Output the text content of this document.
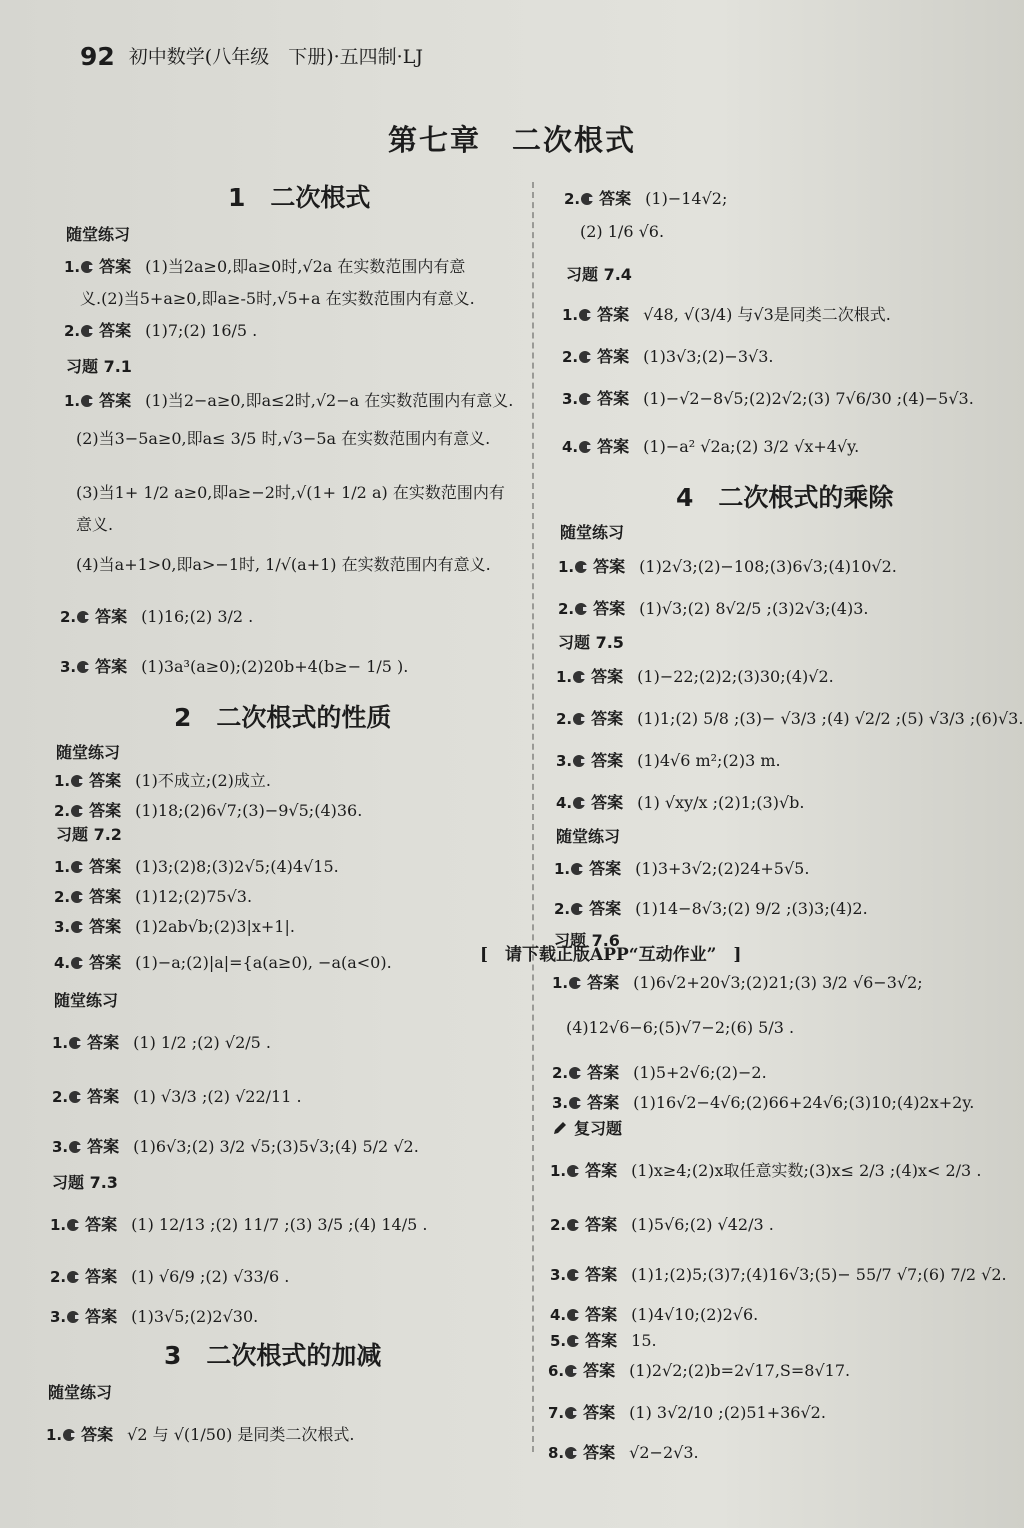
92 初中数学(八年级　下册)·五四制·LJ
第七章　二次根式
1　二次根式
随堂练习
1. 答案 (1)当2a≥0,即a≥0时,√2a 在实数范围内有意
义.(2)当5+a≥0,即a≥-5时,√5+a 在实数范围内有意义.
2. 答案 (1)7;(2) 16/5 .
习题 7.1
1. 答案 (1)当2−a≥0,即a≤2时,√2−a 在实数范围内有意义.
(2)当3−5a≥0,即a≤ 3/5 时,√3−5a 在实数范围内有意义.
(3)当1+ 1/2 a≥0,即a≥−2时,√(1+ 1/2 a) 在实数范围内有
意义.
(4)当a+1>0,即a>−1时, 1/√(a+1) 在实数范围内有意义.
2. 答案 (1)16;(2) 3/2 .
3. 答案 (1)3a³(a≥0);(2)20b+4(b≥− 1/5 ).
2　二次根式的性质
随堂练习
1. 答案 (1)不成立;(2)成立.
2. 答案 (1)18;(2)6√7;(3)−9√5;(4)36.
习题 7.2
1. 答案 (1)3;(2)8;(3)2√5;(4)4√15.
2. 答案 (1)12;(2)75√3.
3. 答案 (1)2ab√b;(2)3|x+1|.
4. 答案 (1)−a;(2)|a|={a(a≥0), −a(a<0).
随堂练习
1. 答案 (1) 1/2 ;(2) √2/5 .
2. 答案 (1) √3/3 ;(2) √22/11 .
3. 答案 (1)6√3;(2) 3/2 √5;(3)5√3;(4) 5/2 √2.
习题 7.3
1. 答案 (1) 12/13 ;(2) 11/7 ;(3) 3/5 ;(4) 14/5 .
2. 答案 (1) √6/9 ;(2) √33/6 .
3. 答案 (1)3√5;(2)2√30.
3　二次根式的加减
随堂练习
1. 答案 √2 与 √(1/50) 是同类二次根式.
2. 答案 (1)−14√2;
(2) 1/6 √6.
习题 7.4
1. 答案 √48, √(3/4) 与√3是同类二次根式.
2. 答案 (1)3√3;(2)−3√3.
3. 答案 (1)−√2−8√5;(2)2√2;(3) 7√6/30 ;(4)−5√3.
4. 答案 (1)−a² √2a;(2) 3/2 √x+4√y.
4　二次根式的乘除
随堂练习
1. 答案 (1)2√3;(2)−108;(3)6√3;(4)10√2.
2. 答案 (1)√3;(2) 8√2/5 ;(3)2√3;(4)3.
习题 7.5
1. 答案 (1)−22;(2)2;(3)30;(4)√2.
2. 答案 (1)1;(2) 5/8 ;(3)− √3/3 ;(4) √2/2 ;(5) √3/3 ;(6)√3.
3. 答案 (1)4√6 m²;(2)3 m.
4. 答案 (1) √xy/x ;(2)1;(3)√b.
随堂练习
1. 答案 (1)3+3√2;(2)24+5√5.
2. 答案 (1)14−8√3;(2) 9/2 ;(3)3;(4)2.
习题 7.6
1. 答案 (1)6√2+20√3;(2)21;(3) 3/2 √6−3√2;
(4)12√6−6;(5)√7−2;(6) 5/3 .
2. 答案 (1)5+2√6;(2)−2.
3. 答案 (1)16√2−4√6;(2)66+24√6;(3)10;(4)2x+2y.
复习题
1. 答案 (1)x≥4;(2)x取任意实数;(3)x≤ 2/3 ;(4)x< 2/3 .
2. 答案 (1)5√6;(2) √42/3 .
3. 答案 (1)1;(2)5;(3)7;(4)16√3;(5)− 55/7 √7;(6) 7/2 √2.
4. 答案 (1)4√10;(2)2√6.
5. 答案 15.
6. 答案 (1)2√2;(2)b=2√17,S=8√17.
7. 答案 (1) 3√2/10 ;(2)51+36√2.
8. 答案 √2−2√3.
[　请下载正版APP“互动作业”　]
